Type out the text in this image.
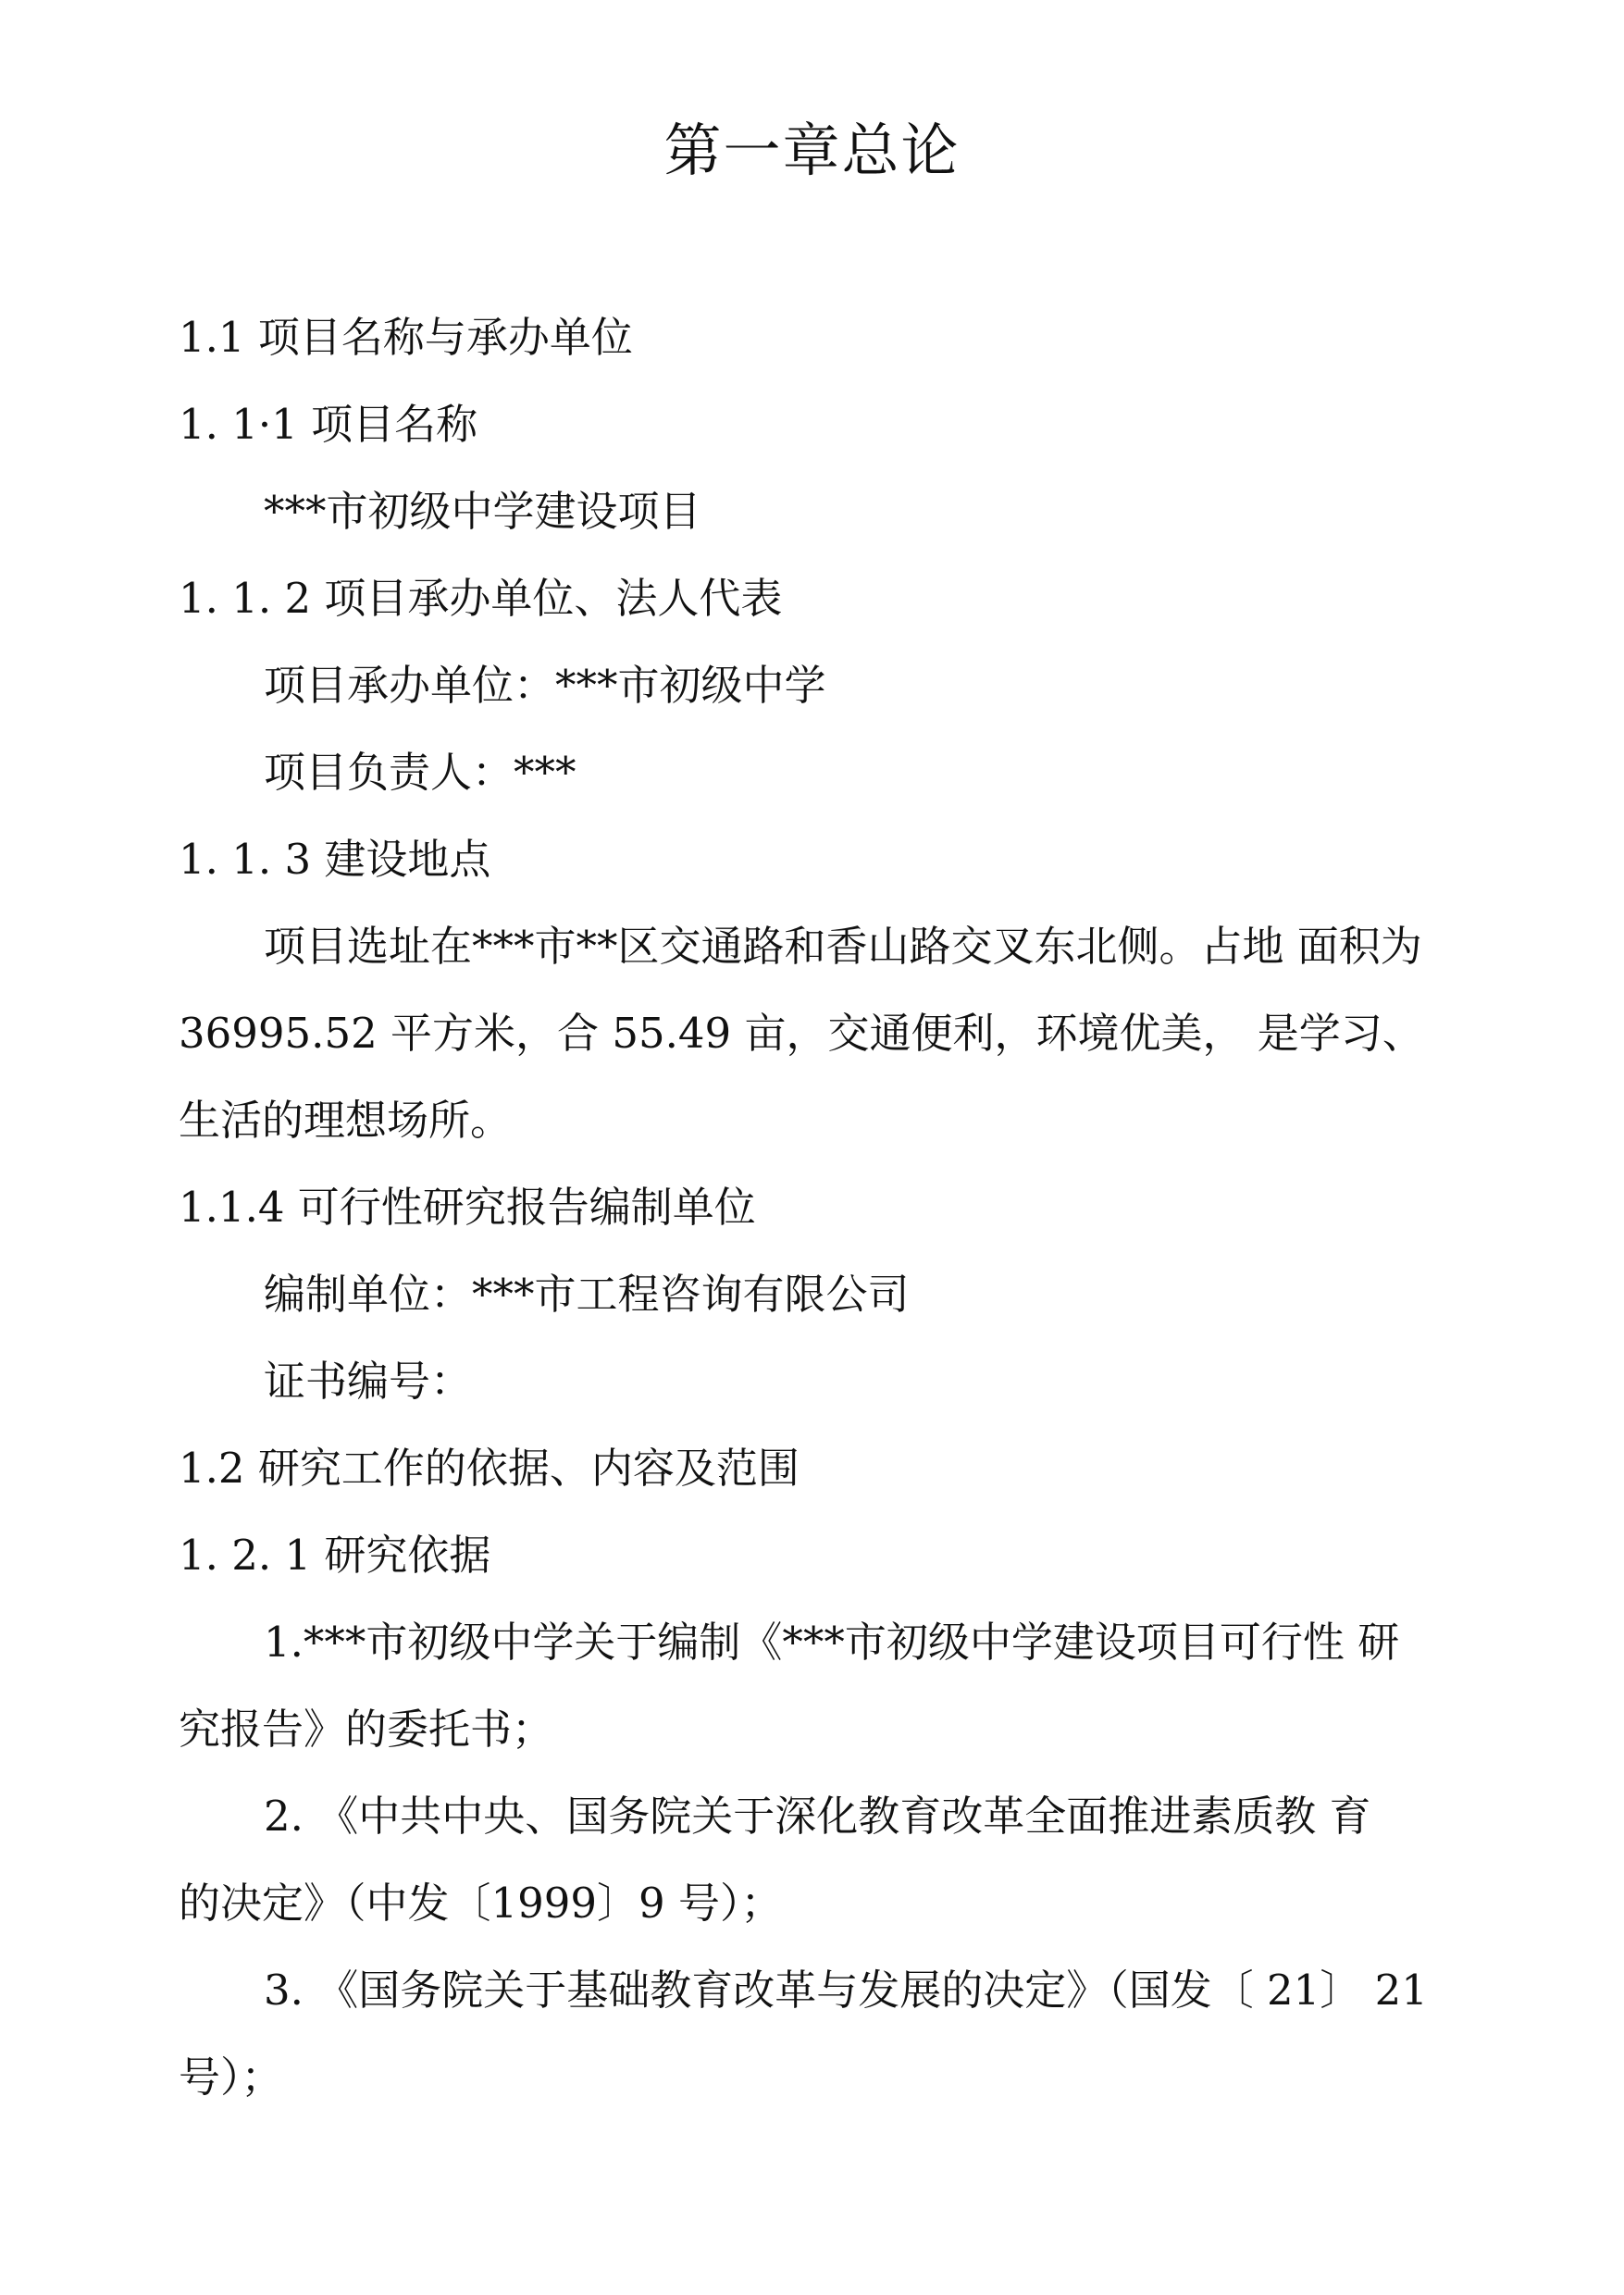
第一章总论
1.1 项目名称与承办单位
1. 1·1 项目名称
***市初级中学建设项目
1. 1. 2 项目承办单位、法人代表
项目承办单位：***市初级中学
项目负责人：***
1. 1. 3 建设地点
项目选址在***市**区交通路和香山路交叉东北侧。占地 面积为
36995.52 平方米，合 55.49 亩，交通便利，环境优美， 是学习、
生活的理想场所。
1.1.4 可行性研究报告编制单位
编制单位：***市工程咨询有限公司
证书编号：
1.2 研究工作的依据、内容及范围
1. 2. 1 研究依据
1.***市初级中学关于编制《***市初级中学建设项目可行性 研
究报告》的委托书；
2. 《中共中央、国务院关于深化教育改革全面推进素质教 育
的决定》（中发〔1999〕9 号）；
3. 《国务院关于基础教育改革与发展的决定》（国发〔 21〕 21
号）；
